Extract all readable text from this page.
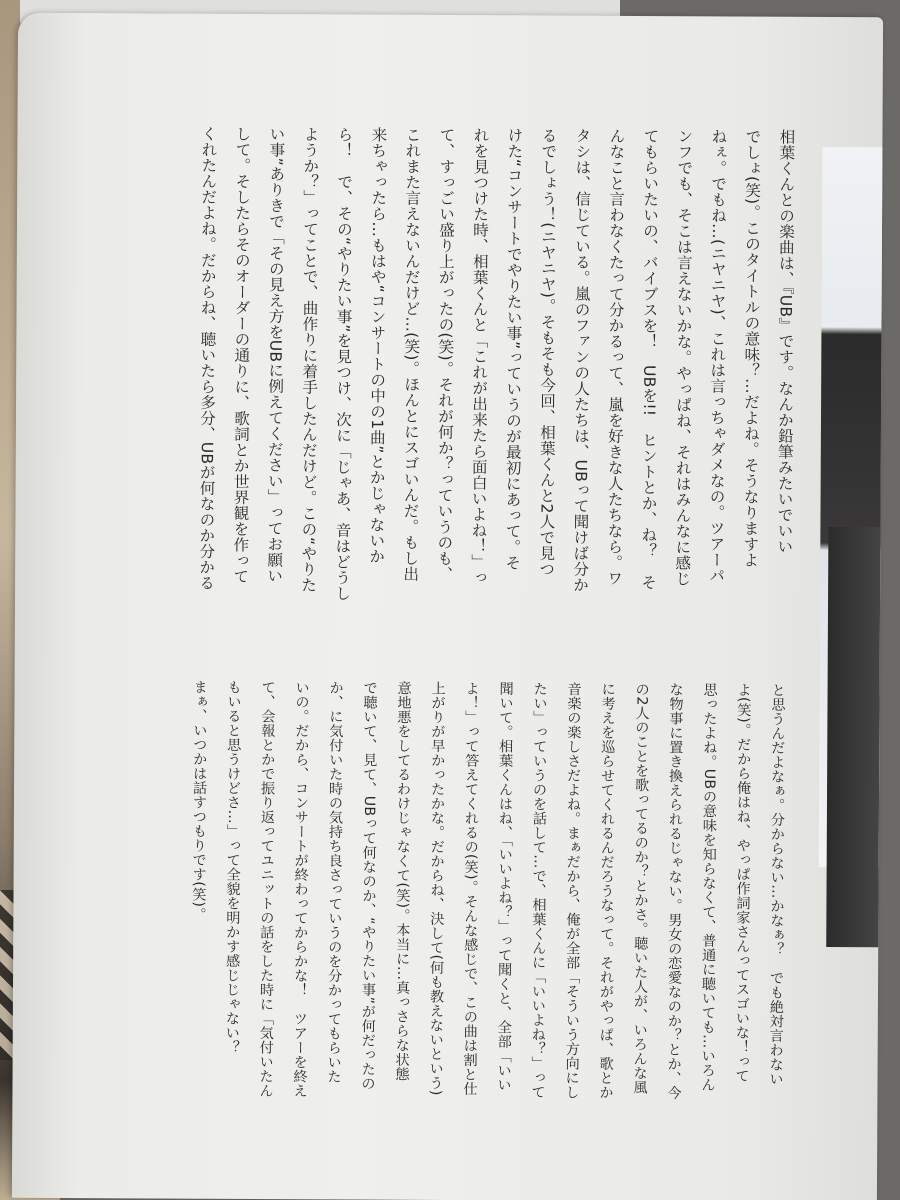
相葉くんとの楽曲は、『UB』です。なんか鉛筆みたいでいい
でしょ(笑)。このタイトルの意味？…だよね。そうなりますよ
ねぇ。でもね…(ニヤニヤ)、これは言っちゃダメなの。ツアーパ
ンフでも、そこは言えないかな。やっぱね、それはみんなに感じ
てもらいたいの、バイブスを！　UBを!!　ヒントとか、ね？　そ
んなこと言わなくたって分かるって、嵐を好きな人たちなら。ワ
タシは、信じている。嵐のファンの人たちは、UBって聞けば分か
るでしょう！(ニヤニヤ)。そもそも今回、相葉くんと2人で見つ
けた“コンサートでやりたい事”っていうのが最初にあって。そ
れを見つけた時、相葉くんと「これが出来たら面白いよね！」っ
て、すっごい盛り上がったの(笑)。それが何か？っていうのも、
これまた言えないんだけど…(笑)。ほんとにスゴいんだ。もし出
来ちゃったら…もはや“コンサートの中の1曲”とかじゃないか
ら！　で、その“やりたい事”を見つけ、次に「じゃあ、音はどうし
ようか？」ってことで、曲作りに着手したんだけど。この“やりた
い事”ありきで「その見え方をUBに例えてください」ってお願い
して。そしたらそのオーダーの通りに、歌詞とか世界観を作って
くれたんだよね。だからね、聴いたら多分、UBが何なのか分かる
と思うんだよなぁ。分からない…かなぁ？　でも絶対言わない
よ(笑)。だから俺はね、やっぱ作詞家さんってスゴいな！って
思ったよね。UBの意味を知らなくて、普通に聴いても…いろん
な物事に置き換えられるじゃない。男女の恋愛なのか？とか、今
の2人のことを歌ってるのか？とかさ。聴いた人が、いろんな風
に考えを巡らせてくれるんだろうなって。それがやっぱ、歌とか
音楽の楽しさだよね。まぁだから、俺が全部「そういう方向にし
たい」っていうのを話して…で、相葉くんに「いいよね？」って
聞いて。相葉くんはね、「いいよね？」って聞くと、全部「いい
よ！」って答えてくれるの(笑)。そんな感じで、この曲は割と仕
上がりが早かったかな。だからね、決して(何も教えないという)
意地悪をしてるわけじゃなくて(笑)。本当に…真っさらな状態
で聴いて、見て、UBって何なのか、“やりたい事”が何だったの
か、に気付いた時の気持ち良さっていうのを分かってもらいた
いの。だから、コンサートが終わってからかな！　ツアーを終え
て、会報とかで振り返ってユニットの話をした時に「気付いたん
もいると思うけどさ…」って全貌を明かす感じじゃない？
まぁ、いつかは話すつもりです(笑)。
